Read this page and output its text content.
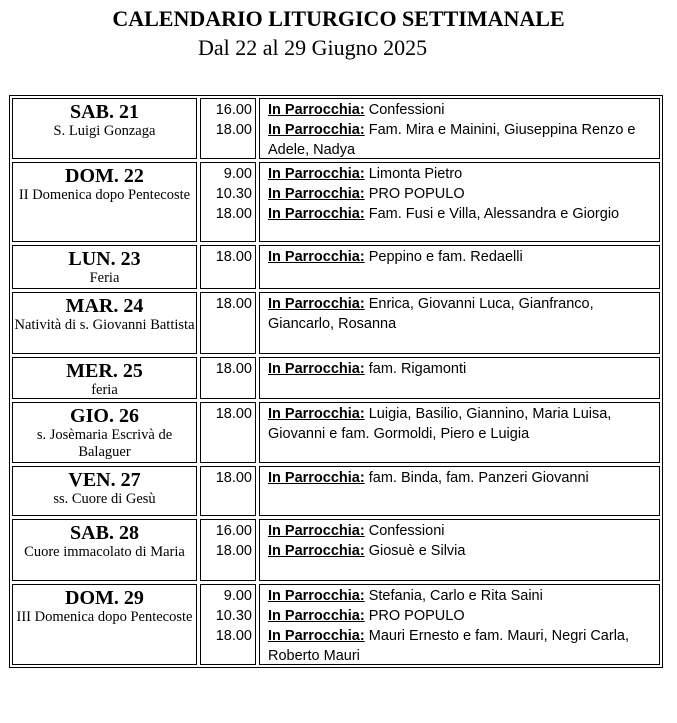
CALENDARIO LITURGICO SETTIMANALE
Dal 22 al 29 Giugno 2025
SAB. 21
S. Luigi Gonzaga
16.00
18.00
In Parrocchia: Confessioni
In Parrocchia: Fam. Mira e Mainini, Giuseppina Renzo e Adele, Nadya
DOM. 22
II Domenica dopo Pentecoste
9.00
10.30
18.00
In Parrocchia: Limonta Pietro
In Parrocchia: PRO POPULO
In Parrocchia: Fam. Fusi e Villa, Alessandra e Giorgio
LUN. 23
Feria
18.00 In Parrocchia: Peppino e fam. Redaelli
MAR. 24
Natività di s. Giovanni Battista
18.00 In Parrocchia: Enrica, Giovanni Luca, Gianfranco, Giancarlo, Rosanna
MER. 25
feria
18.00 In Parrocchia: fam. Rigamonti
GIO. 26
s. Josèmaria Escrivà de Balaguer
18.00 In Parrocchia: Luigia, Basilio, Giannino, Maria Luisa, Giovanni e fam. Gormoldi, Piero e Luigia
VEN. 27
ss. Cuore di Gesù
18.00 In Parrocchia: fam. Binda, fam. Panzeri Giovanni
SAB. 28
Cuore immacolato di Maria
16.00
18.00
In Parrocchia: Confessioni
In Parrocchia: Giosuè e Silvia
DOM. 29
III Domenica dopo Pentecoste
9.00
10.30
18.00
In Parrocchia: Stefania, Carlo e Rita Saini
In Parrocchia: PRO POPULO
In Parrocchia: Mauri Ernesto e fam. Mauri, Negri Carla, Roberto Mauri
